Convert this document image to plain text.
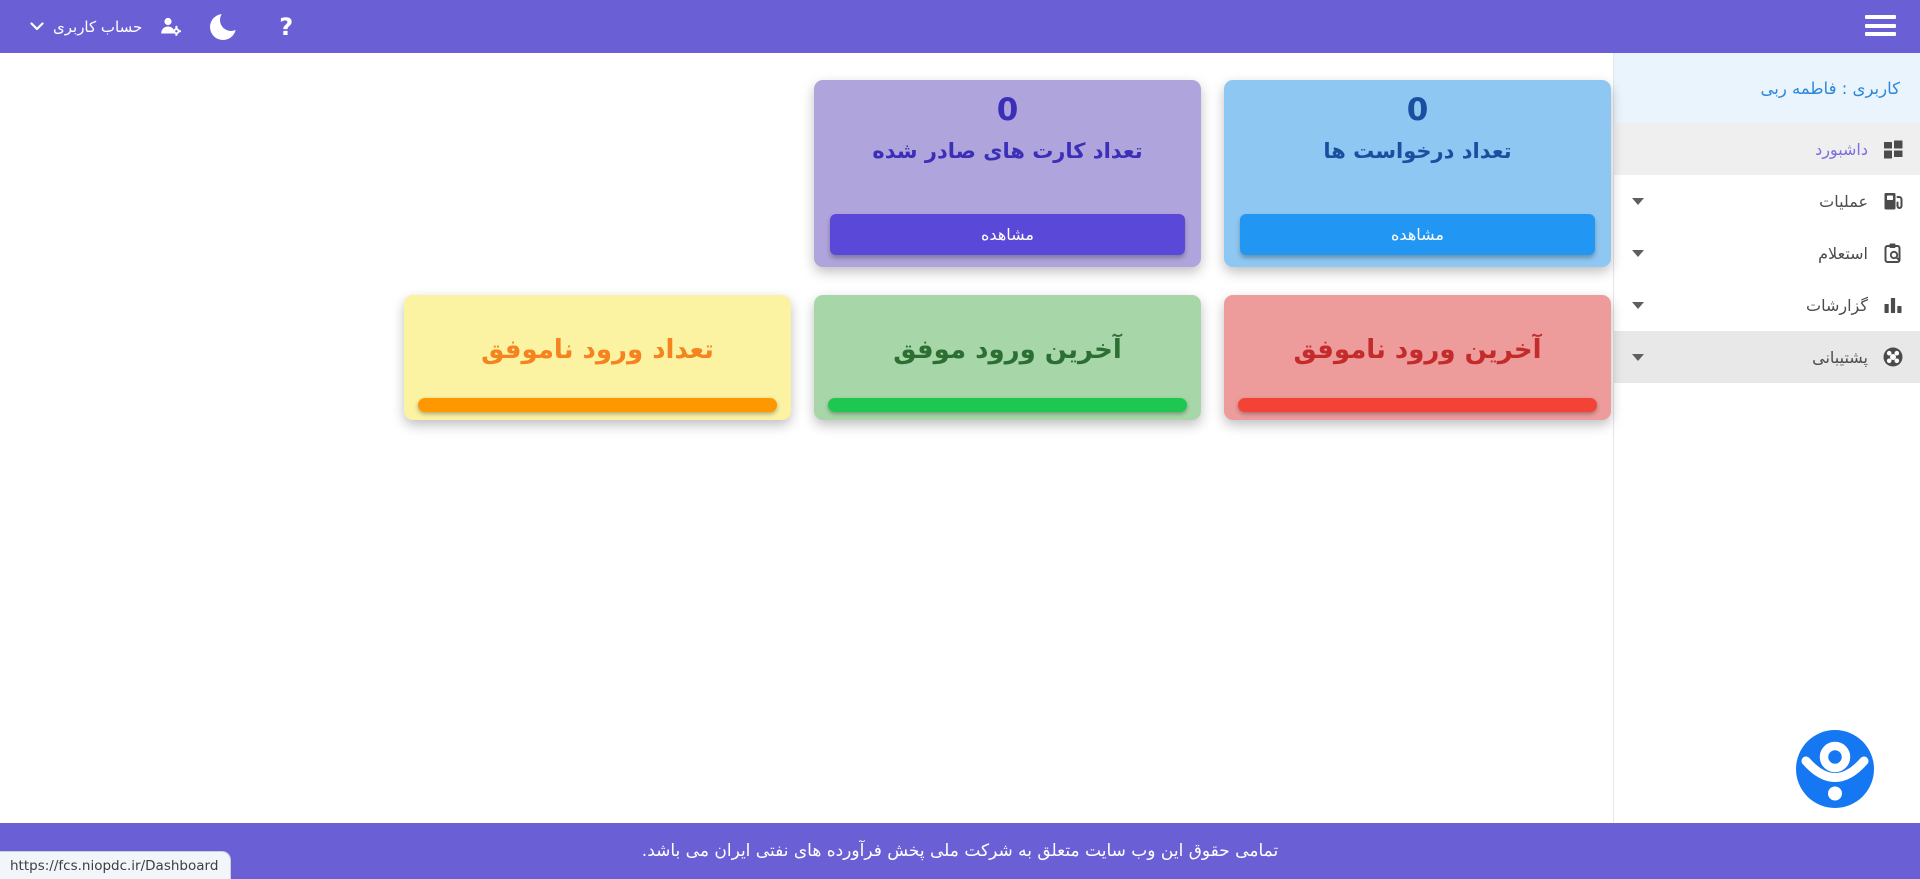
حساب کاربری	?
کاربری : فاطمه ربی
داشبورد
عملیات
استعلام
گزارشات
پشتیبانی
0
تعداد درخواست ها
مشاهده
0
تعداد کارت های صادر شده
مشاهده
آخرین ورود ناموفق
آخرین ورود موفق
تعداد ورود ناموفق
تمامی حقوق این وب سایت متعلق به شرکت ملی پخش فرآورده های نفتی ایران می باشد.
https://fcs.niopdc.ir/Dashboard
